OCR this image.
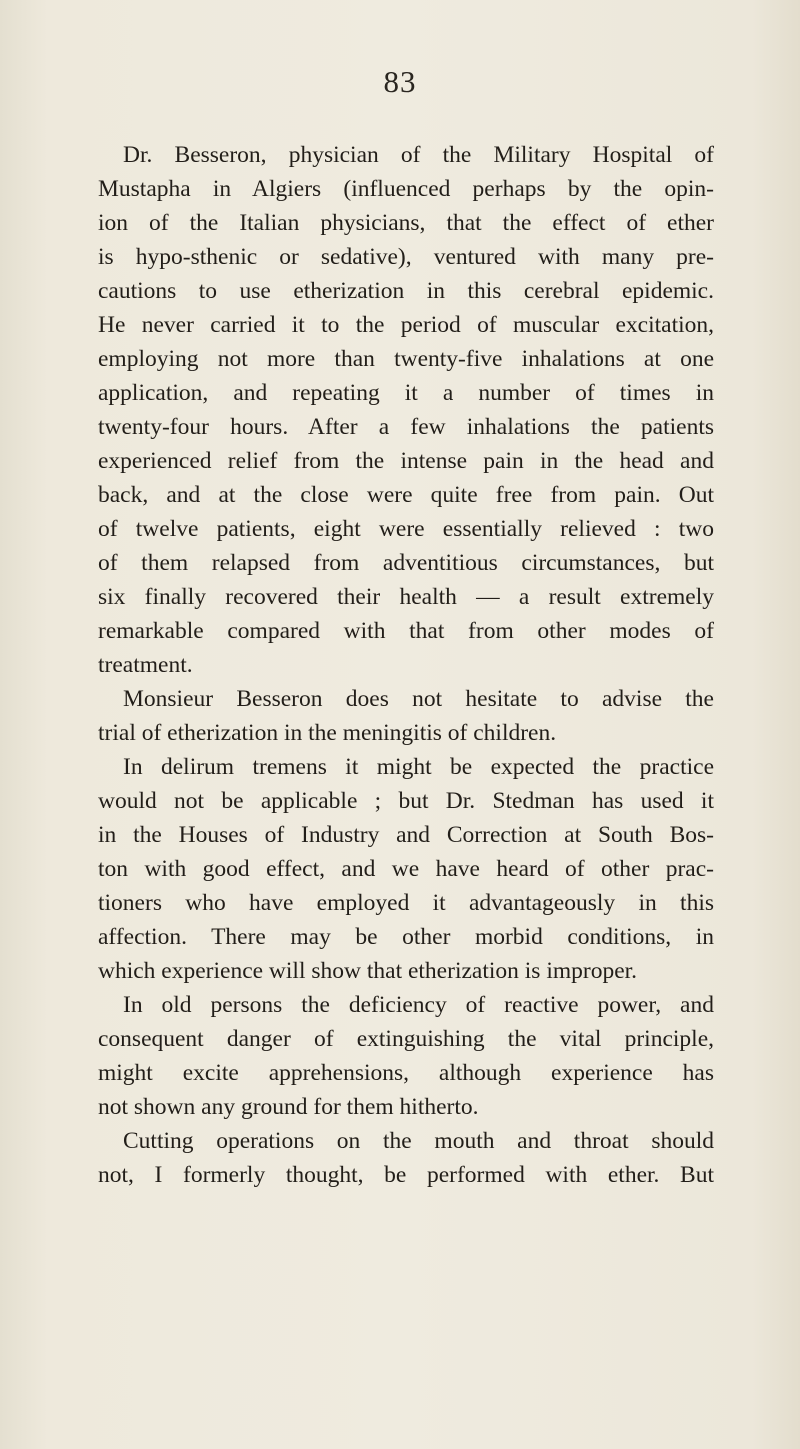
83
Dr. Besseron, physician of the Military Hospital of
Mustapha in Algiers (influenced perhaps by the opin-
ion of the Italian physicians, that the effect of ether
is hypo-sthenic or sedative), ventured with many pre-
cautions to use etherization in this cerebral epidemic.
He never carried it to the period of muscular excitation,
employing not more than twenty-five inhalations at one
application, and repeating it a number of times in
twenty-four hours. After a few inhalations the patients
experienced relief from the intense pain in the head and
back, and at the close were quite free from pain. Out
of twelve patients, eight were essentially relieved : two
of them relapsed from adventitious circumstances, but
six finally recovered their health — a result extremely
remarkable compared with that from other modes of
treatment.
Monsieur Besseron does not hesitate to advise the
trial of etherization in the meningitis of children.
In delirum tremens it might be expected the practice
would not be applicable ; but Dr. Stedman has used it
in the Houses of Industry and Correction at South Bos-
ton with good effect, and we have heard of other prac-
tioners who have employed it advantageously in this
affection. There may be other morbid conditions, in
which experience will show that etherization is improper.
In old persons the deficiency of reactive power, and
consequent danger of extinguishing the vital principle,
might excite apprehensions, although experience has
not shown any ground for them hitherto.
Cutting operations on the mouth and throat should
not, I formerly thought, be performed with ether. But
